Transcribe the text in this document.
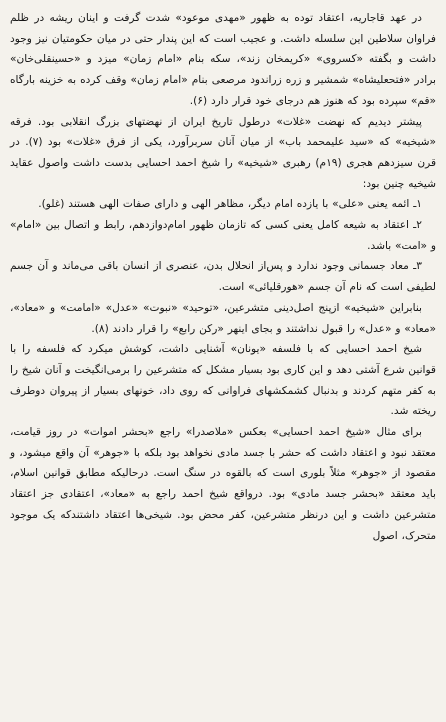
در عهد قاجاریه، اعتقاد توده به ظهور «مهدی موعود» شدت گرفت و اینان ریشه در ظلم فراوان سلاطین این سلسله داشت. و عجیب است که این پندار حتی در میان حکومتیان نیز وجود داشت و بگفته «کسروی» «کریمخان زند»، سکه بنام «امام زمان» میزد و «حسینقلی‌خان» برادر «فتحعلیشاه» شمشیر و زره زراندود مرصعی بنام «امام زمان» وقف کرده به خزینه بارگاه «قم» سپرده بود که هنوز هم درجای خود قرار دارد (۶).

پیشتر دیدیم که نهضت «غلات» درطول تاریخ ایران از نهضتهای بزرگ انقلابی بود. فرقه «شیخیه» که «سید علیمحمد باب» از میان آنان سربرآورد، یکی از فرق «غلات» بود (۷). در قرن سیزدهم هجری (۱۹م) رهبری «شیخیه» را شیخ احمد احسایی بدست داشت واصول عقاید شیخیه چنین بود:

۱ـ ائمه یعنی «علی» با یازده امام دیگر، مظاهر الهی و دارای صفات الهی هستند (غلو).

۲ـ اعتقاد به شیعه کامل یعنی کسی که تازمان ظهور امام‌دوازدهم، رابط و اتصال بین «امام» و «امت» باشد.

۳ـ معاد جسمانی وجود ندارد و پس‌از انحلال بدن، عنصری از انسان باقی می‌ماند و آن جسم لطیفی است که نام آن جسم «هورقلیائی» است.

بنابراین «شیخیه» ازپنج اصل‌دینی متشرعین، «توحید» «نبوت» «عدل» «امامت» و «معاد»، «معاد» و «عدل» را قبول نداشتند و بجای اینهر «رکن رابع» را قرار دادند (۸).

شیخ احمد احسایی که با فلسفه «یونان» آشنایی داشت، کوشش میکرد که فلسفه را با قوانین شرع آشتی دهد و این کاری بود بسیار مشکل که متشرعین را برمی‌انگیخت و آنان شیخ را به کفر متهم کردند و بدنبال کشمکشهای فراوانی که روی داد، خونهای بسیار از پیروان دوطرف ریخته شد.

برای مثال «شیخ احمد احسایی» بعکس «ملاصدرا» راجع «بحشر اموات» در روز قیامت، معتقد نبود و اعتقاد داشت که حشر با جسد مادی نخواهد بود بلکه با «جوهر» آن واقع میشود، و مقصود از «جوهر» مثلاً بلوری است که بالقوه در سنگ است. درحالیکه مطابق قوانین اسلام، باید معتقد «بحشر جسد مادی» بود. درواقع شیخ احمد راجع به «معاد»، اعتقادی جز اعتقاد متشرعین داشت و این درنظر متشرعین، کفر محض بود. شیخی‌ها اعتقاد داشتندکه یک موجود متحرک، اصول
